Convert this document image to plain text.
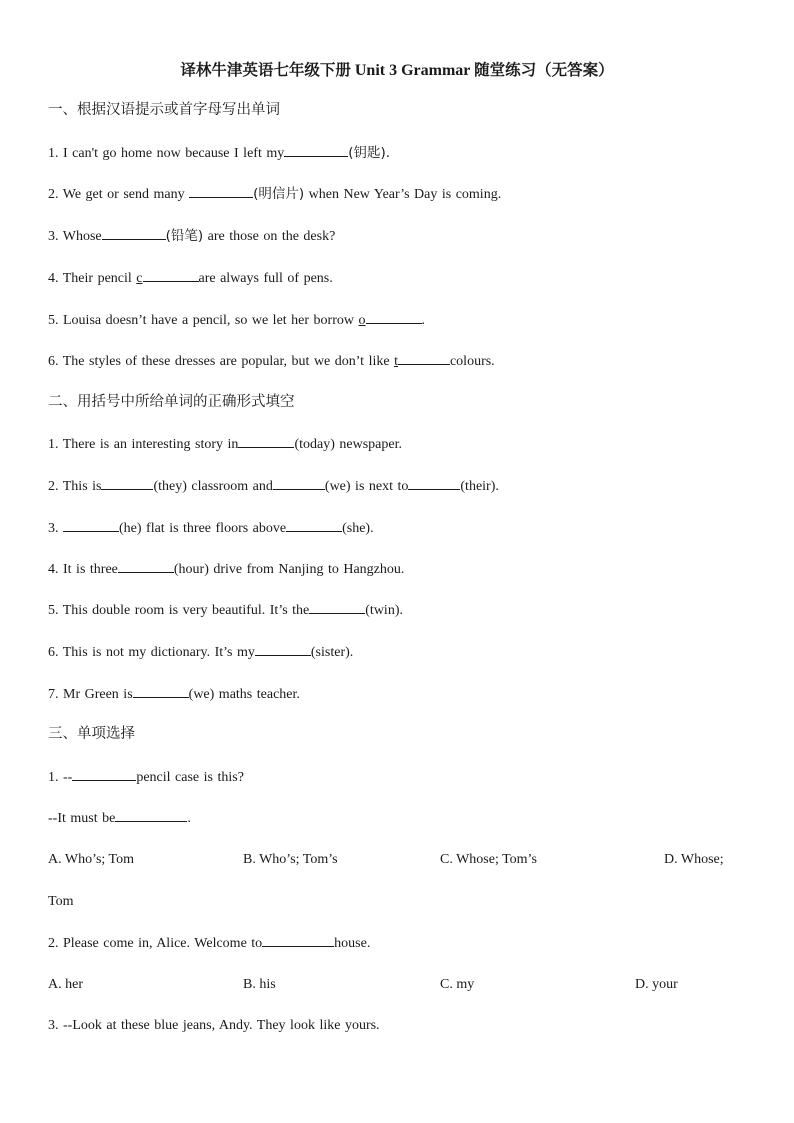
译林牛津英语七年级下册 Unit 3 Grammar 随堂练习（无答案）
一、根据汉语提示或首字母写出单词
1. I can't go home now because I left my	(钥匙).
2. We get or send many	(明信片) when New Year’s Day is coming.
3. Whose	(铅笔) are those on the desk?
4. Their pencil c	are always full of pens.
5. Louisa doesn’t have a pencil, so we let her borrow o	.
6. The styles of these dresses are popular, but we don’t like t	colours.
二、用括号中所给单词的正确形式填空
1. There is an interesting story in	(today) newspaper.
2. This is	(they) classroom and	(we) is next to	(their).
3.	(he) flat is three floors above	(she).
4. It is three	(hour) drive from Nanjing to Hangzhou.
5. This double room is very beautiful. It’s the	(twin).
6. This is not my dictionary. It’s my	(sister).
7. Mr Green is	(we) maths teacher.
三、单项选择
1. --	pencil case is this?
--It must be	.
A. Who’s; Tom	B. Who’s; Tom’s	C. Whose; Tom’s	D. Whose;
Tom
2. Please come in, Alice. Welcome to	house.
A. her	B. his	C. my	D. your
3. --Look at these blue jeans, Andy. They look like yours.
